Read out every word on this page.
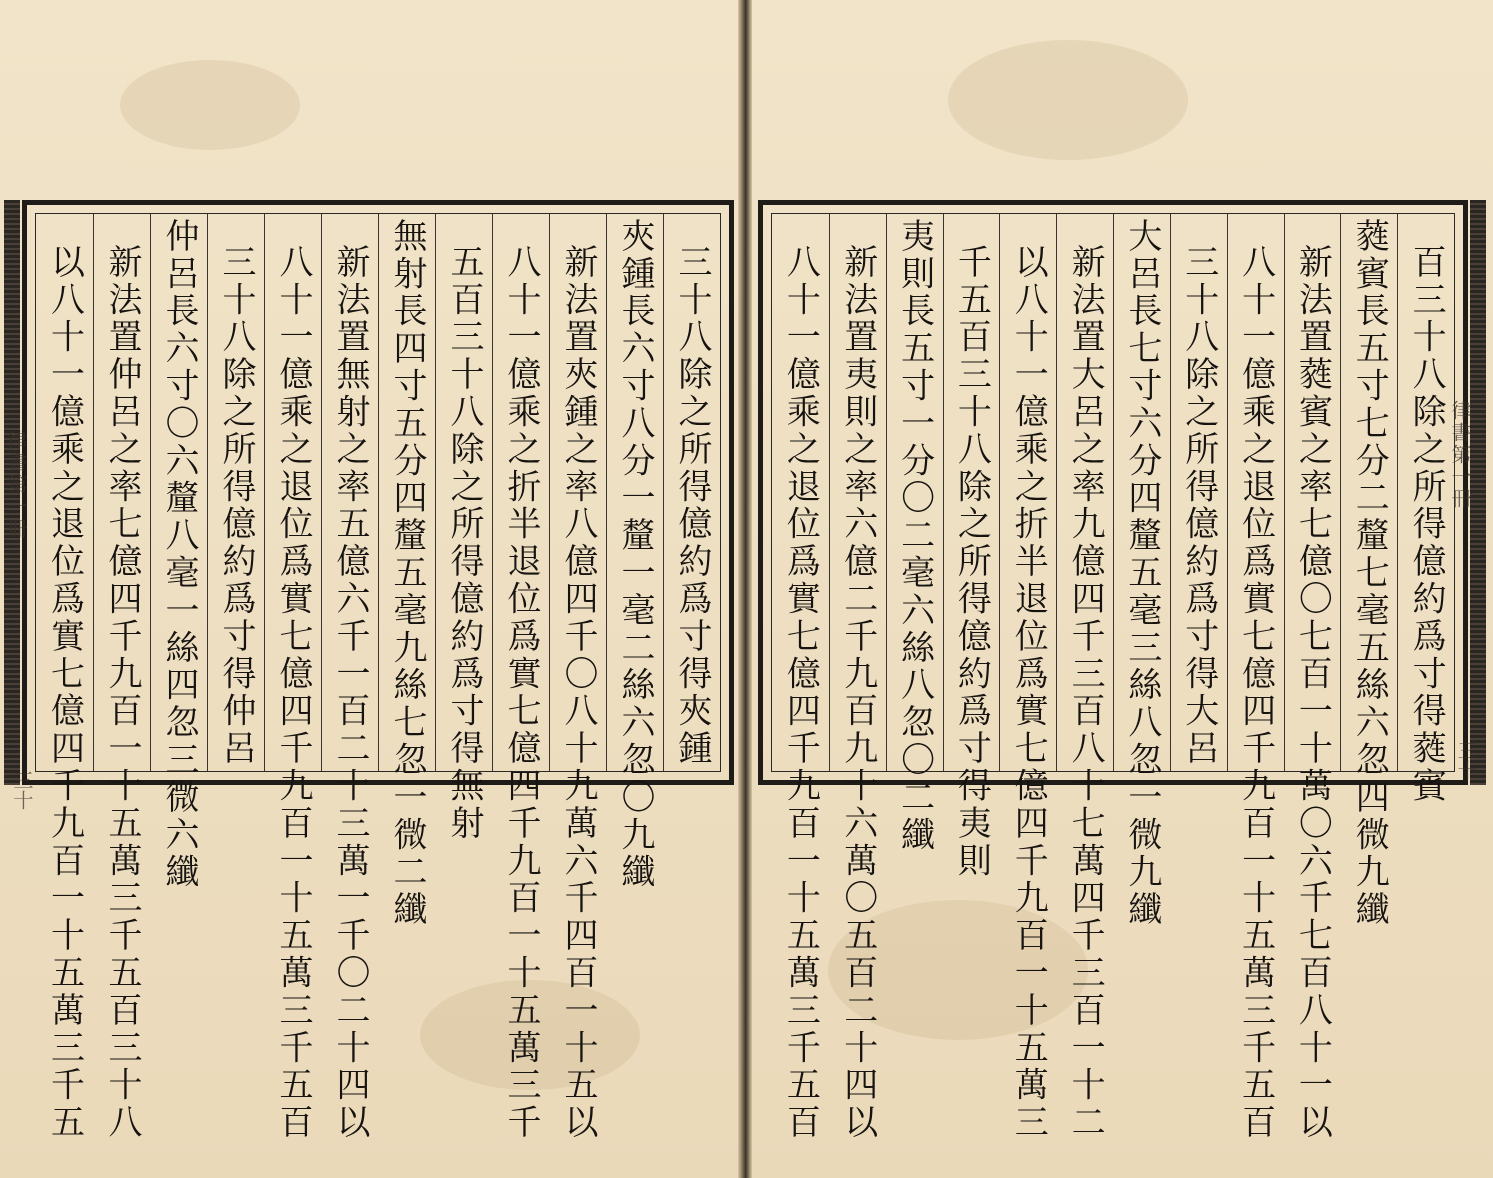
三十八除之所得億約爲寸得夾鍾
夾鍾長六寸八分一釐一毫二絲六忽〇九纖
新法置夾鍾之率八億四千〇八十九萬六千四百一十五以
八十一億乘之折半退位爲實七億四千九百一十五萬三千
五百三十八除之所得億約爲寸得無射
無射長四寸五分四釐五毫九絲七忽一微二纖
新法置無射之率五億六千一百二十三萬一千〇二十四以
八十一億乘之退位爲實七億四千九百一十五萬三千五百
三十八除之所得億約爲寸得仲呂
仲呂長六寸〇六釐八毫一絲四忽三微六纖
新法置仲呂之率七億四千九百一十五萬三千五百三十八
以八十一億乘之退位爲實七億四千九百一十五萬三千五	百三十八除之所得億約爲寸得蕤賓
蕤賓長五寸七分二釐七毫五絲六忽四微九纖
新法置蕤賓之率七億〇七百一十萬〇六千七百八十一以
八十一億乘之退位爲實七億四千九百一十五萬三千五百
三十八除之所得億約爲寸得大呂
大呂長七寸六分四釐五毫三絲八忽一微九纖
新法置大呂之率九億四千三百八十七萬四千三百一十二
以八十一億乘之折半退位爲實七億四千九百一十五萬三
千五百三十八除之所得億約爲寸得夷則
夷則長五寸一分〇二毫六絲八忽〇二纖
新法置夷則之率六億二千九百九十六萬〇五百二十四以
八十一億乘之退位爲實七億四千九百一十五萬三千五百
律書第一冊	律書第一冊
三十
三十
